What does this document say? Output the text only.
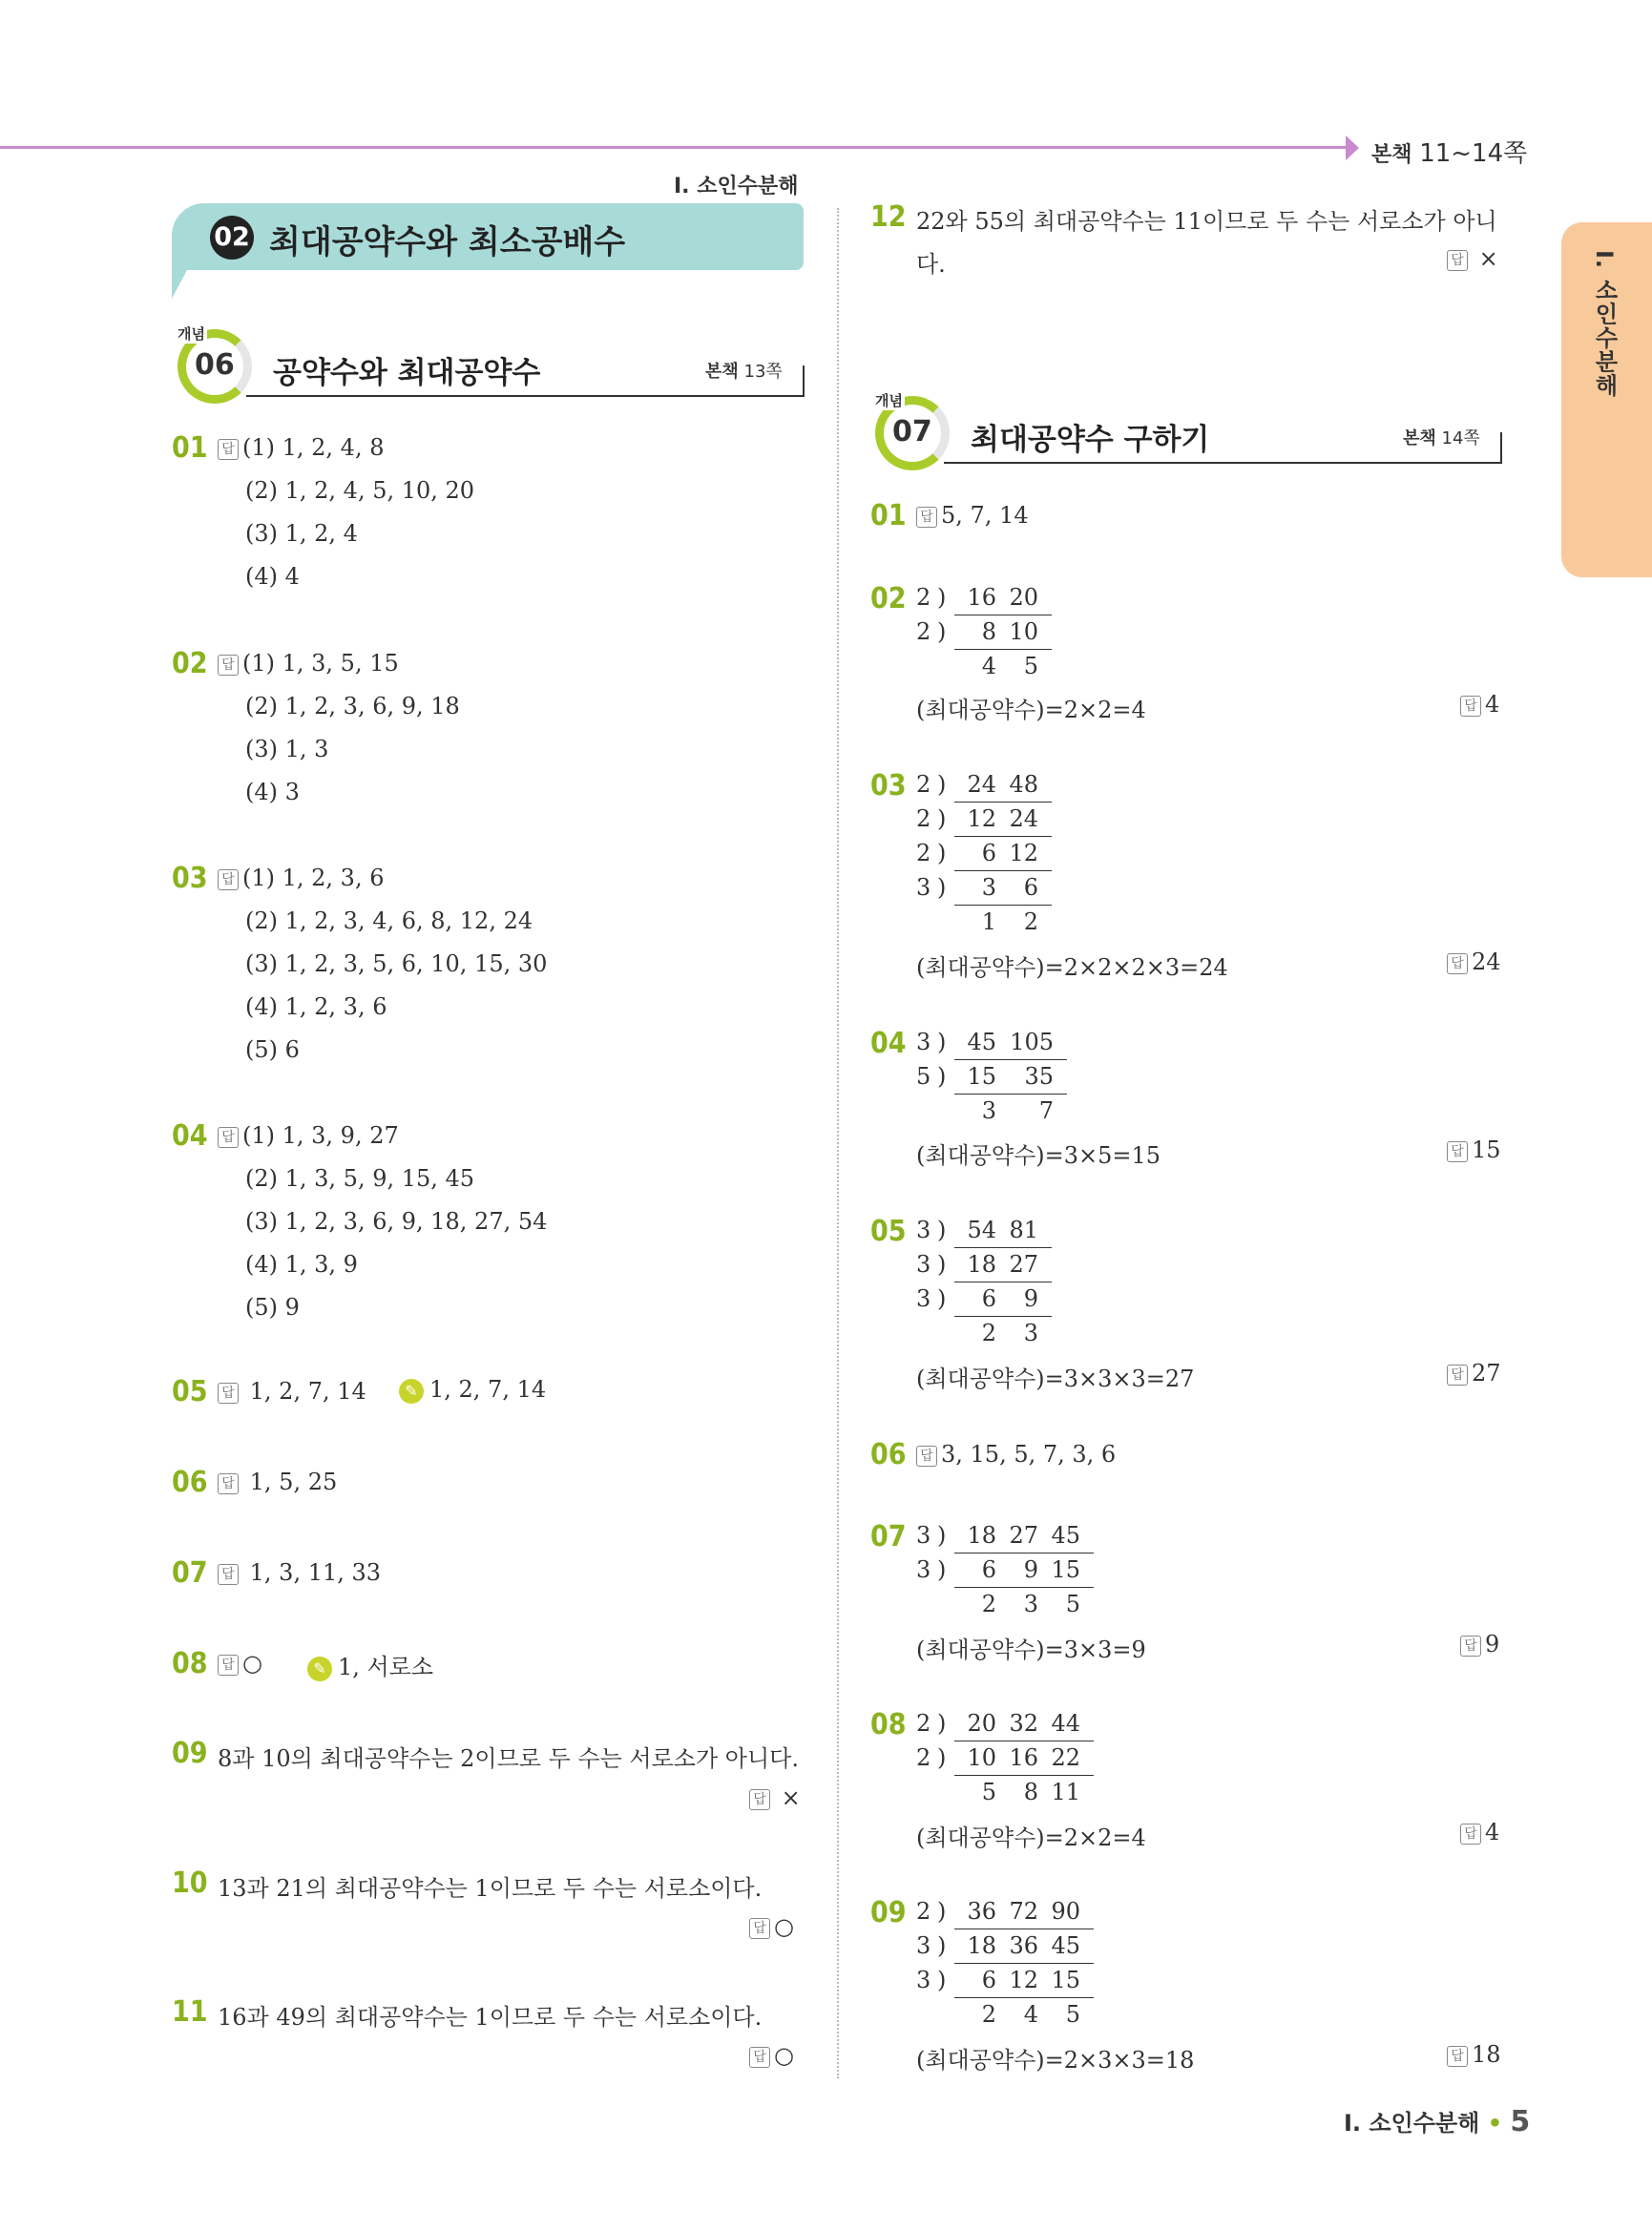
본책 11~14쪽
I. 소인수분해
I. 소인수분해
02 최대공약수와 최소공배수
개념
06 공약수와 최대공약수	본책 13쪽
01	답 (1) 1, 2, 4, 8
(2) 1, 2, 4, 5, 10, 20
(3) 1, 2, 4
(4) 4
02	답 (1) 1, 3, 5, 15
(2) 1, 2, 3, 6, 9, 18
(3) 1, 3
(4) 3
03	답 (1) 1, 2, 3, 6
(2) 1, 2, 3, 4, 6, 8, 12, 24
(3) 1, 2, 3, 5, 6, 10, 15, 30
(4) 1, 2, 3, 6
(5) 6
04	답 (1) 1, 3, 9, 27
(2) 1, 3, 5, 9, 15, 45
(3) 1, 2, 3, 6, 9, 18, 27, 54
(4) 1, 3, 9
(5) 9
05	답 1, 2, 7, 14	✎ 1, 2, 7, 14
06	답 1, 5, 25
07	답 1, 3, 11, 33
08	답 ○	✎ 1, 서로소
09 8과 10의 최대공약수는 2이므로 두 수는 서로소가 아니다.
답 ×
10 13과 21의 최대공약수는 1이므로 두 수는 서로소이다.
답 ○
11 16과 49의 최대공약수는 1이므로 두 수는 서로소이다.
답 ○
12 22와 55의 최대공약수는 11이므로 두 수는 서로소가 아니
다.	답 ×
개념
07 최대공약수 구하기	본책 14쪽
01	답 5, 7, 14
02 2 ) 16 20
2 )	8 10
4	5
(최대공약수)=2×2=4	답 4
03 2 ) 24 48
2 ) 12 24
2 )	6 12
3 )	3	6
1	2
(최대공약수)=2×2×2×3=24	답 24
04 3 ) 45 105
5 ) 15	35
3	7
(최대공약수)=3×5=15	답 15
05 3 ) 54 81
3 ) 18 27
3 )	6	9
2	3
(최대공약수)=3×3×3=27	답 27
06	답 3, 15, 5, 7, 3, 6
07 3 ) 18 27 45
3 )	6	9 15
2	3	5
(최대공약수)=3×3=9	답 9
08 2 ) 20 32 44
2 ) 10 16 22
5	8 11
(최대공약수)=2×2=4	답 4
09 2 ) 36 72 90
3 ) 18 36 45
3 )	6 12 15
2	4	5
(최대공약수)=2×3×3=18	답 18
I. 소인수분해 • 5
